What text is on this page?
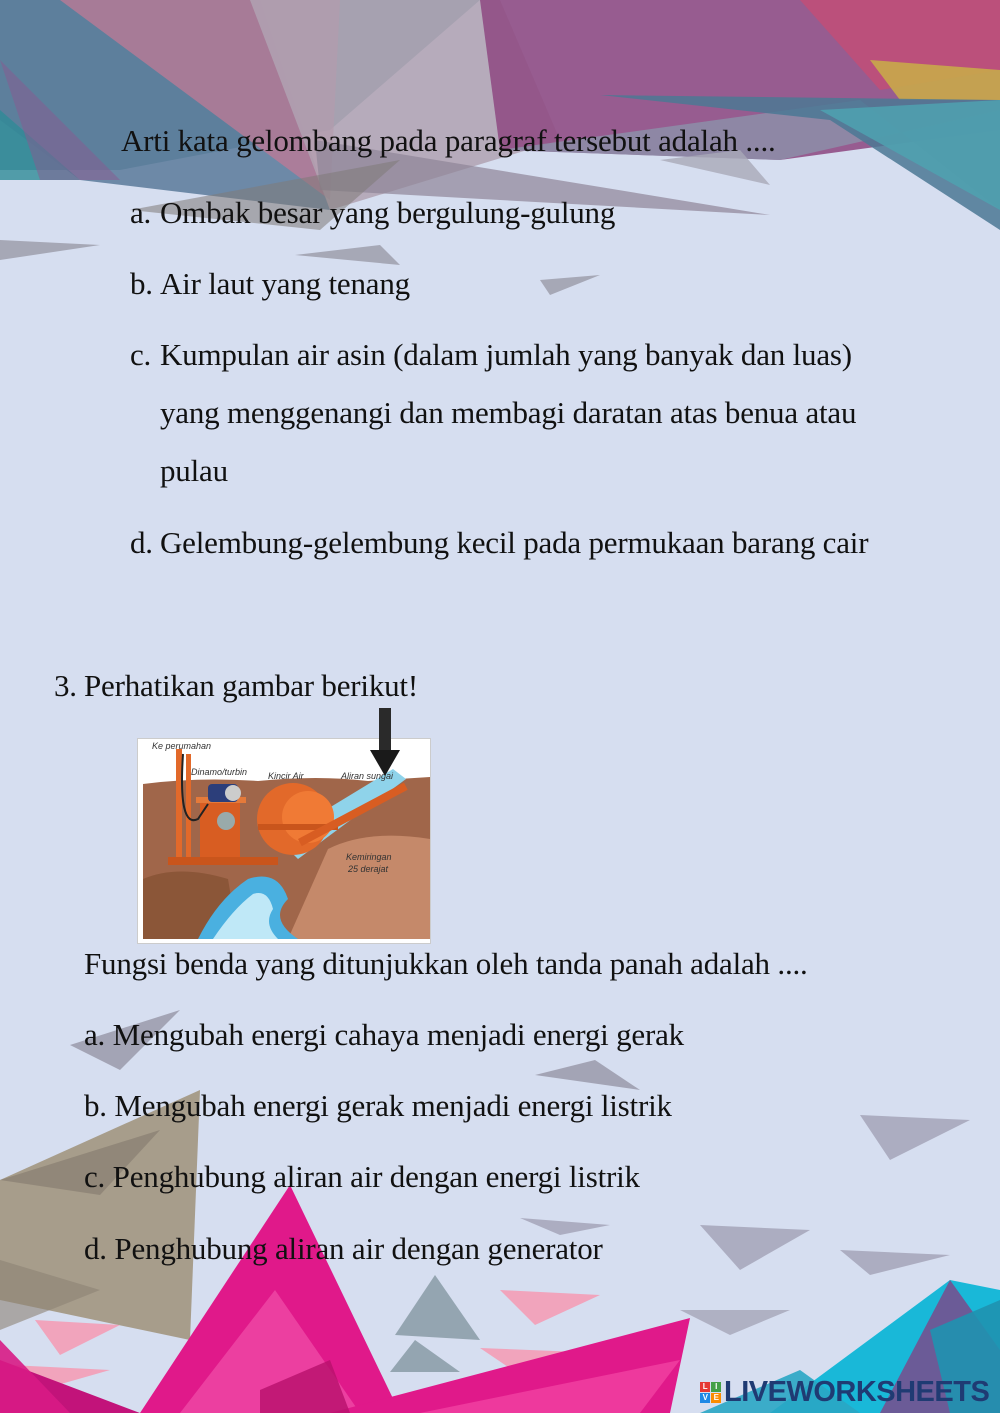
Arti kata gelombang pada paragraf tersebut adalah ....
a. Ombak besar yang bergulung-gulung
b. Air laut yang tenang
c. Kumpulan air asin (dalam jumlah yang banyak dan luas)
yang menggenangi dan membagi daratan atas benua atau
pulau
d. Gelembung-gelembung kecil pada permukaan barang cair
3. Perhatikan gambar berikut!
Ke perumahan
Dinamo/turbin Kincir Air	Aliran sungai
Kemiringan
25 derajat
Fungsi benda yang ditunjukkan oleh tanda panah adalah ....
a. Mengubah energi cahaya menjadi energi gerak
b. Mengubah energi gerak menjadi energi listrik
c. Penghubung aliran air dengan energi listrik
d. Penghubung aliran air dengan generator
L I
V E LIVEWORKSHEETS
